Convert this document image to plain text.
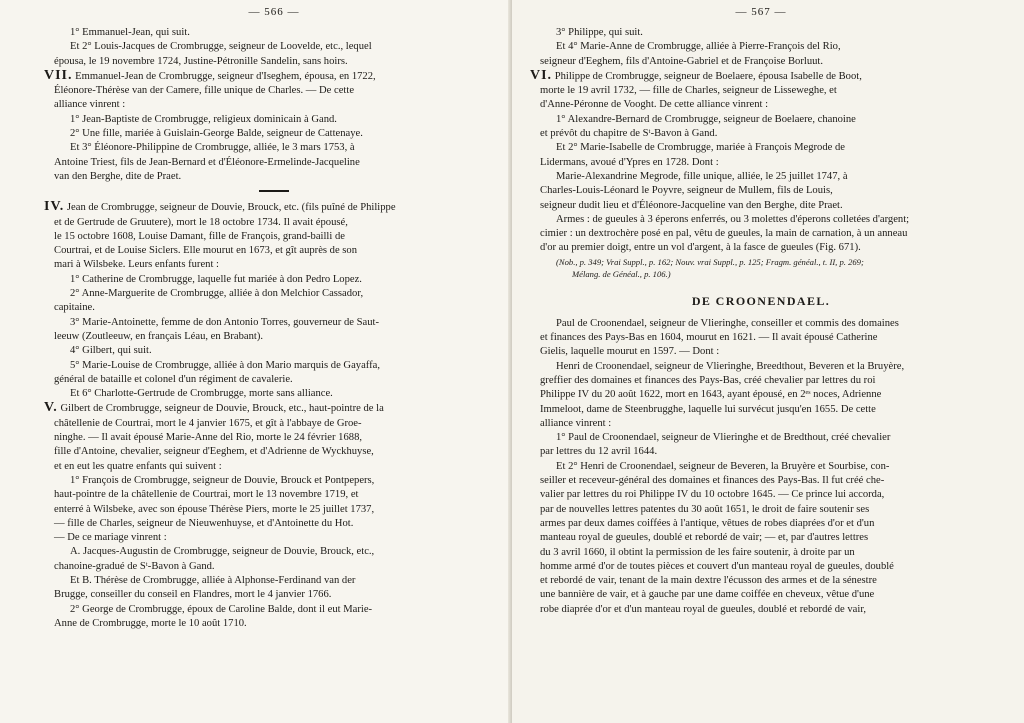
— 566 —

1° Emmanuel-Jean, qui suit.

Et 2° Louis-Jacques de Crombrugge, seigneur de Loovelde, etc., lequel

épousa, le 19 novembre 1724, Justine-Pétronille Sandelin, sans hoirs.

VII. Emmanuel-Jean de Crombrugge, seigneur d'Iseghem, épousa, en 1722,

Éléonore-Thérèse van der Camere, fille unique de Charles. — De cette

alliance vinrent :

1° Jean-Baptiste de Crombrugge, religieux dominicain à Gand.

2° Une fille, mariée à Guislain-George Balde, seigneur de Cattenaye.

Et 3° Éléonore-Philippine de Crombrugge, alliée, le 3 mars 1753, à

Antoine Triest, fils de Jean-Bernard et d'Éléonore-Ermelinde-Jacqueline

van den Berghe, dite de Praet.

IV. Jean de Crombrugge, seigneur de Douvie, Brouck, etc. (fils puîné de Philippe

et de Gertrude de Gruutere), mort le 18 octobre 1734. Il avait épousé,

le 15 octobre 1608, Louise Damant, fille de François, grand-bailli de

Courtrai, et de Louise Siclers. Elle mourut en 1673, et gît auprès de son

mari à Wilsbeke. Leurs enfants furent :

1° Catherine de Crombrugge, laquelle fut mariée à don Pedro Lopez.

2° Anne-Marguerite de Crombrugge, alliée à don Melchior Cassador,

capitaine.

3° Marie-Antoinette, femme de don Antonio Torres, gouverneur de Saut-

leeuw (Zoutleeuw, en français Léau, en Brabant).

4° Gilbert, qui suit.

5° Marie-Louise de Crombrugge, alliée à don Mario marquis de Gayaffa,

général de bataille et colonel d'un régiment de cavalerie.

Et 6° Charlotte-Gertrude de Crombrugge, morte sans alliance.

V. Gilbert de Crombrugge, seigneur de Douvie, Brouck, etc., haut-pointre de la

châtellenie de Courtrai, mort le 4 janvier 1675, et gît à l'abbaye de Groe-

ninghe. — Il avait épousé Marie-Anne del Rio, morte le 24 février 1688,

fille d'Antoine, chevalier, seigneur d'Eeghem, et d'Adrienne de Wyckhuyse,

et en eut les quatre enfants qui suivent :

1° François de Crombrugge, seigneur de Douvie, Brouck et Pontpepers,

haut-pointre de la châtellenie de Courtrai, mort le 13 novembre 1719, et

enterré à Wilsbeke, avec son épouse Thérèse Piers, morte le 25 juillet 1737,

— fille de Charles, seigneur de Nieuwenhuyse, et d'Antoinette du Hot.

— De ce mariage vinrent :

A. Jacques-Augustin de Crombrugge, seigneur de Douvie, Brouck, etc.,

chanoine-gradué de Sᵗ-Bavon à Gand.

Et B. Thérèse de Crombrugge, alliée à Alphonse-Ferdinand van der

Brugge, conseiller du conseil en Flandres, mort le 4 janvier 1766.

2° George de Crombrugge, époux de Caroline Balde, dont il eut Marie-

Anne de Crombrugge, morte le 10 août 1710.

— 567 —

3° Philippe, qui suit.

Et 4° Marie-Anne de Crombrugge, alliée à Pierre-François del Rio,

seigneur d'Eeghem, fils d'Antoine-Gabriel et de Françoise Borluut.

VI. Philippe de Crombrugge, seigneur de Boelaere, épousa Isabelle de Boot,

morte le 19 avril 1732, — fille de Charles, seigneur de Lisseweghe, et

d'Anne-Péronne de Vooght. De cette alliance vinrent :

1° Alexandre-Bernard de Crombrugge, seigneur de Boelaere, chanoine

et prévôt du chapitre de Sᵗ-Bavon à Gand.

Et 2° Marie-Isabelle de Crombrugge, mariée à François Megrode de

Lidermans, avoué d'Ypres en 1728. Dont :

Marie-Alexandrine Megrode, fille unique, alliée, le 25 juillet 1747, à

Charles-Louis-Léonard le Poyvre, seigneur de Mullem, fils de Louis,

seigneur dudit lieu et d'Éléonore-Jacqueline van den Berghe, dite Praet.

Armes : de gueules à 3 éperons enferrés, ou 3 molettes d'éperons colletées d'argent;

cimier : un dextrochère posé en pal, vêtu de gueules, la main de carnation, à un anneau

d'or au premier doigt, entre un vol d'argent, à la fasce de gueules (Fig. 671).

(Nob., p. 349; Vrai Suppl., p. 162; Nouv. vrai Suppl., p. 125; Fragm. généal., t. II, p. 269;

Mélang. de Généal., p. 106.)

DE CROONENDAEL.

Paul de Croonendael, seigneur de Vlieringhe, conseiller et commis des domaines

et finances des Pays-Bas en 1604, mourut en 1621. — Il avait épousé Catherine

Gielis, laquelle mourut en 1597. — Dont :

Henri de Croonendael, seigneur de Vlieringhe, Breedthout, Beveren et la Bruyère,

greffier des domaines et finances des Pays-Bas, créé chevalier par lettres du roi

Philippe IV du 20 août 1622, mort en 1643, ayant épousé, en 2ᵉˢ noces, Adrienne

Immeloot, dame de Steenbrugghe, laquelle lui survécut jusqu'en 1655. De cette

alliance vinrent :

1° Paul de Croonendael, seigneur de Vlieringhe et de Bredthout, créé chevalier

par lettres du 12 avril 1644.

Et 2° Henri de Croonendael, seigneur de Beveren, la Bruyère et Sourbise, con-

seiller et receveur-général des domaines et finances des Pays-Bas. Il fut créé che-

valier par lettres du roi Philippe IV du 10 octobre 1645. — Ce prince lui accorda,

par de nouvelles lettres patentes du 30 août 1651, le droit de faire soutenir ses

armes par deux dames coiffées à l'antique, vêtues de robes diaprées d'or et d'un

manteau royal de gueules, doublé et rebordé de vair; — et, par d'autres lettres

du 3 avril 1660, il obtint la permission de les faire soutenir, à droite par un

homme armé d'or de toutes pièces et couvert d'un manteau royal de gueules, doublé

et rebordé de vair, tenant de la main dextre l'écusson des armes et de la sénestre

une bannière de vair, et à gauche par une dame coiffée en cheveux, vêtue d'une

robe diaprée d'or et d'un manteau royal de gueules, doublé et rebordé de vair,
